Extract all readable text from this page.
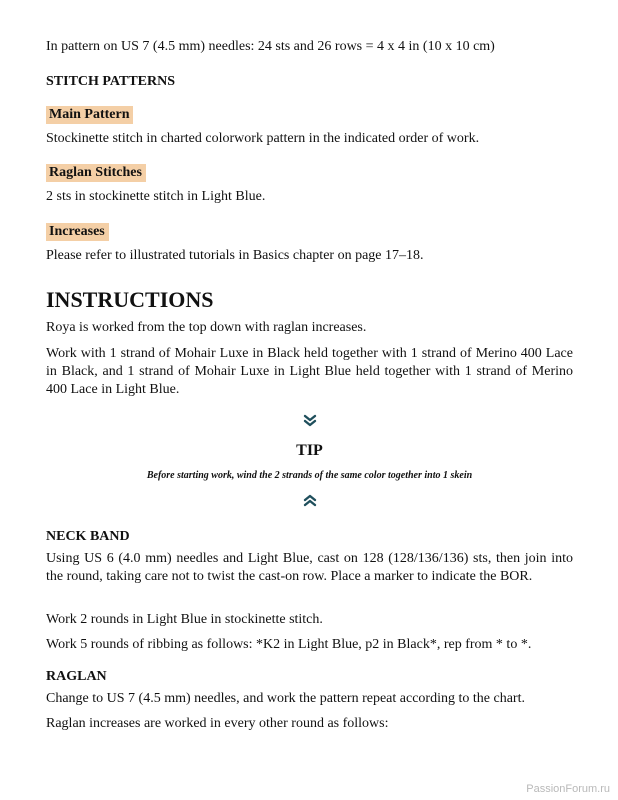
In pattern on US 7 (4.5 mm) needles: 24 sts and 26 rows = 4 x 4 in (10 x 10 cm)
STITCH PATTERNS
Main Pattern
Stockinette stitch in charted colorwork pattern in the indicated order of work.
Raglan Stitches
2 sts in stockinette stitch in Light Blue.
Increases
Please refer to illustrated tutorials in Basics chapter on page 17–18.
INSTRUCTIONS
Roya is worked from the top down with raglan increases.
Work with 1 strand of Mohair Luxe in Black held together with 1 strand of Merino 400 Lace in Black, and 1 strand of Mohair Luxe in Light Blue held together with 1 strand of Merino 400 Lace in Light Blue.
TIP
Before starting work, wind the 2 strands of the same color together into 1 skein
NECK BAND
Using US 6 (4.0 mm) needles and Light Blue, cast on 128 (128/136/136) sts, then join into the round, taking care not to twist the cast-on row. Place a marker to indicate the BOR.
Work 2 rounds in Light Blue in stockinette stitch.
Work 5 rounds of ribbing as follows: *K2 in Light Blue, p2 in Black*, rep from * to *.
RAGLAN
Change to US 7 (4.5 mm) needles, and work the pattern repeat according to the chart.
Raglan increases are worked in every other round as follows:
PassionForum.ru
